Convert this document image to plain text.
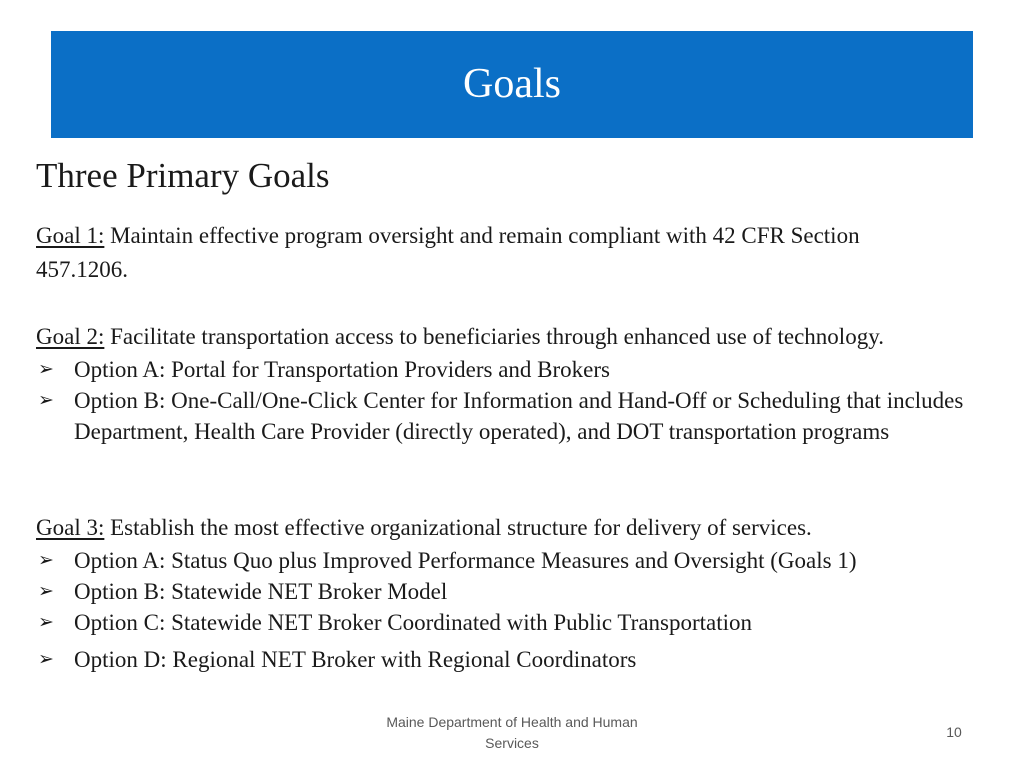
Goals
Three Primary Goals

Goal 1: Maintain effective program oversight and remain compliant with 42 CFR Section

457.1206.

Goal 2: Facilitate transportation access to beneficiaries through enhanced use of technology.

➢ Option A: Portal for Transportation Providers and Brokers
➢ Option B: One-Call/One-Click Center for Information and Hand-Off or Scheduling that includes Department, Health Care Provider (directly operated), and DOT transportation programs

Goal 3: Establish the most effective organizational structure for delivery of services.

➢ Option A: Status Quo plus Improved Performance Measures and Oversight (Goals 1)
➢ Option B: Statewide NET Broker Model
➢ Option C: Statewide NET Broker Coordinated with Public Transportation
➢ Option D: Regional NET Broker with Regional Coordinators
Maine Department of Health and Human Services
10
